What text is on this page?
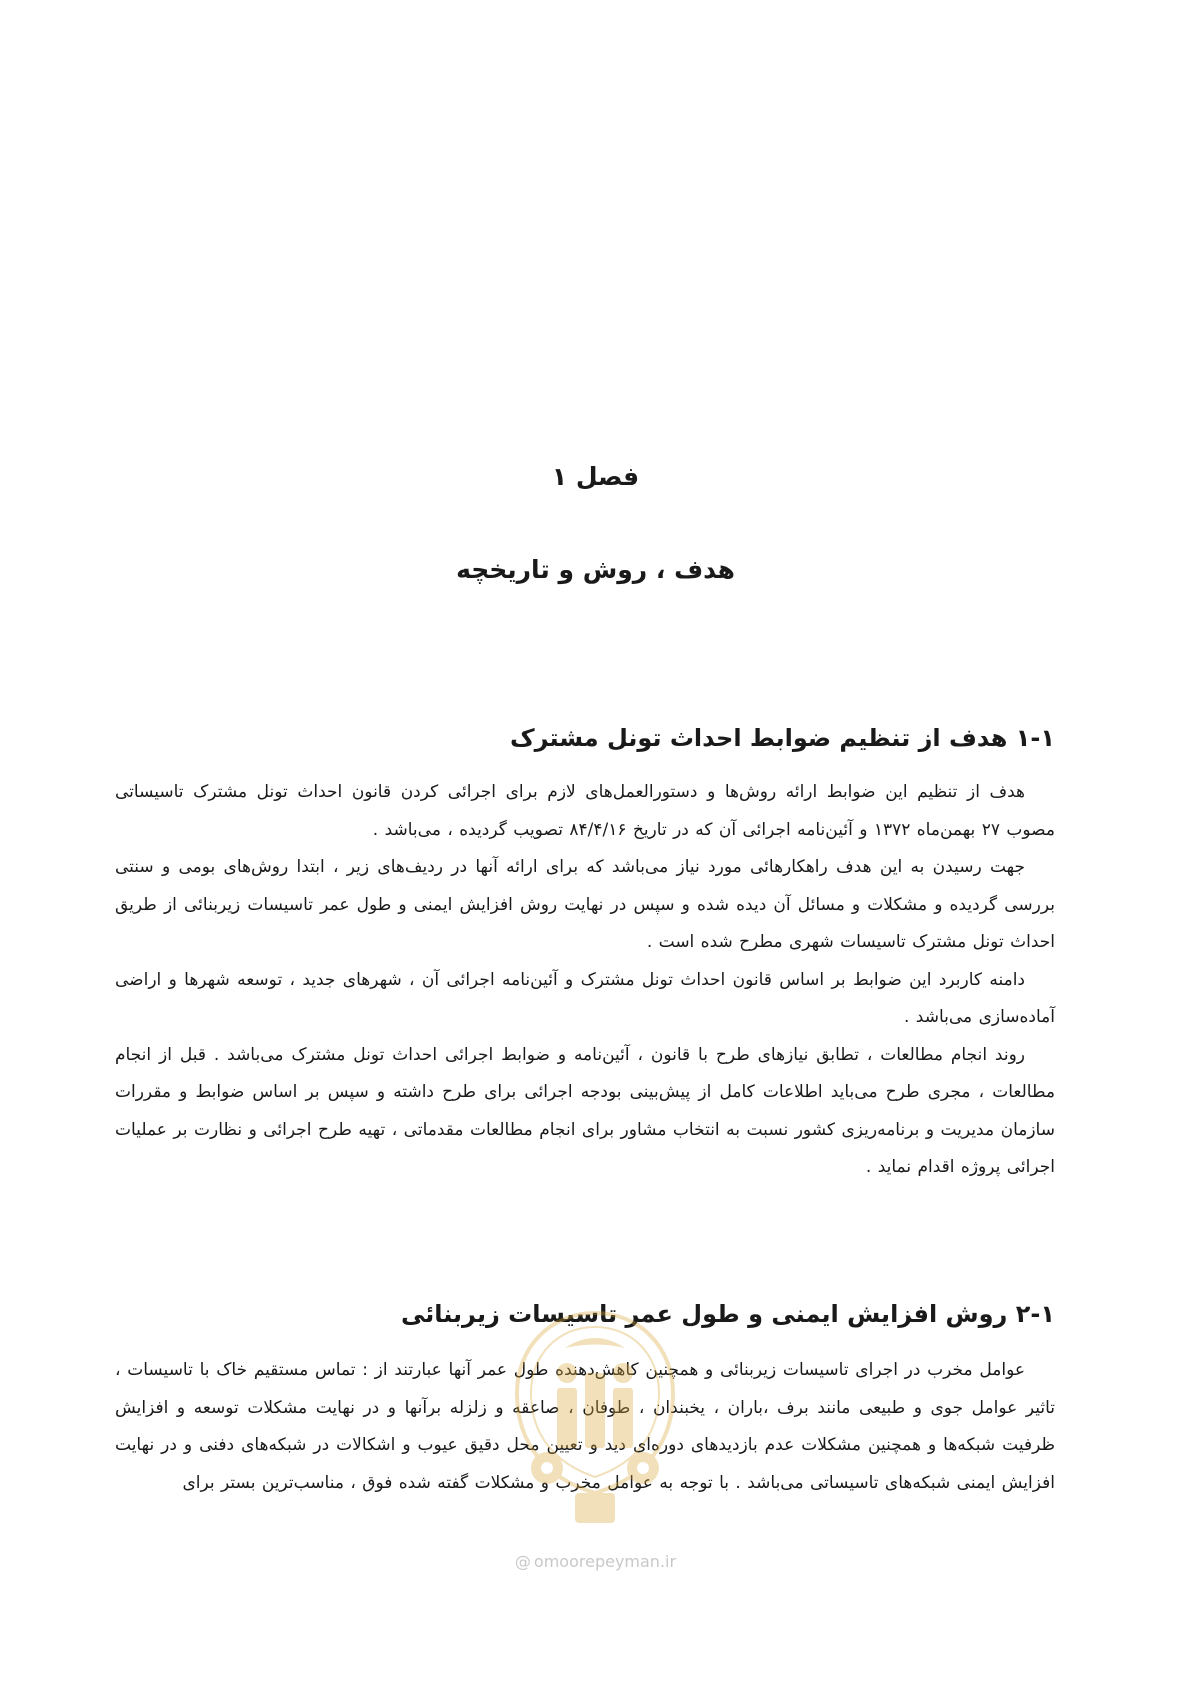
فصل ۱
هدف ، روش و تاریخچه
۱-۱ هدف از تنظیم ضوابط احداث تونل مشترک

هدف از تنظیم این ضوابط ارائه روش‌ها و دستورالعمل‌های لازم برای اجرائی کردن قانون احداث تونل مشترک تاسیساتی مصوب ۲۷ بهمن‌ماه ۱۳۷۲ و آئین‌نامه اجرائی آن که در تاریخ ۸۴/۴/۱۶ تصویب گردیده ، می‌باشد .

جهت رسیدن به این هدف راهکارهائی مورد نیاز می‌باشد که برای ارائه آنها در ردیف‌های زیر ، ابتدا روش‌های بومی و سنتی بررسی گردیده و مشکلات و مسائل آن دیده شده و سپس در نهایت روش افزایش ایمنی و طول عمر تاسیسات زیربنائی از طریق احداث تونل مشترک تاسیسات شهری مطرح شده است .

دامنه کاربرد این ضوابط بر اساس قانون احداث تونل مشترک و آئین‌نامه اجرائی آن ، شهرهای جدید ، توسعه شهرها و اراضی آماده‌سازی می‌باشد .

روند انجام مطالعات ، تطابق نیازهای طرح با قانون ، آئین‌نامه و ضوابط اجرائی احداث تونل مشترک می‌باشد . قبل از انجام مطالعات ، مجری طرح می‌باید اطلاعات کامل از پیش‌بینی بودجه اجرائی برای طرح داشته و سپس بر اساس ضوابط و مقررات سازمان مدیریت و برنامه‌ریزی کشور نسبت به انتخاب مشاور برای انجام مطالعات مقدماتی ، تهیه طرح اجرائی و نظارت بر عملیات اجرائی پروژه اقدام نماید .

۲-۱ روش افزایش ایمنی و طول عمر تاسیسات زیربنائی

عوامل مخرب در اجرای تاسیسات زیربنائی و همچنین کاهش‌دهنده طول عمر آنها عبارتند از : تماس مستقیم خاک با تاسیسات ، تاثیر عوامل جوی و طبیعی مانند برف ،باران ، یخبندان ، طوفان ، صاعقه و زلزله برآنها و در نهایت مشکلات توسعه و افزایش ظرفیت شبکه‌ها و همچنین مشکلات عدم بازدیدهای دوره‌ای دید و تعیین محل دقیق عیوب و اشکالات در شبکه‌های دفنی و در نهایت افزایش ایمنی شبکه‌های تاسیساتی می‌باشد . با توجه به عوامل مخرب و مشکلات گفته شده فوق ، مناسب‌ترین بستر برای

@ omoorepeyman.ir
